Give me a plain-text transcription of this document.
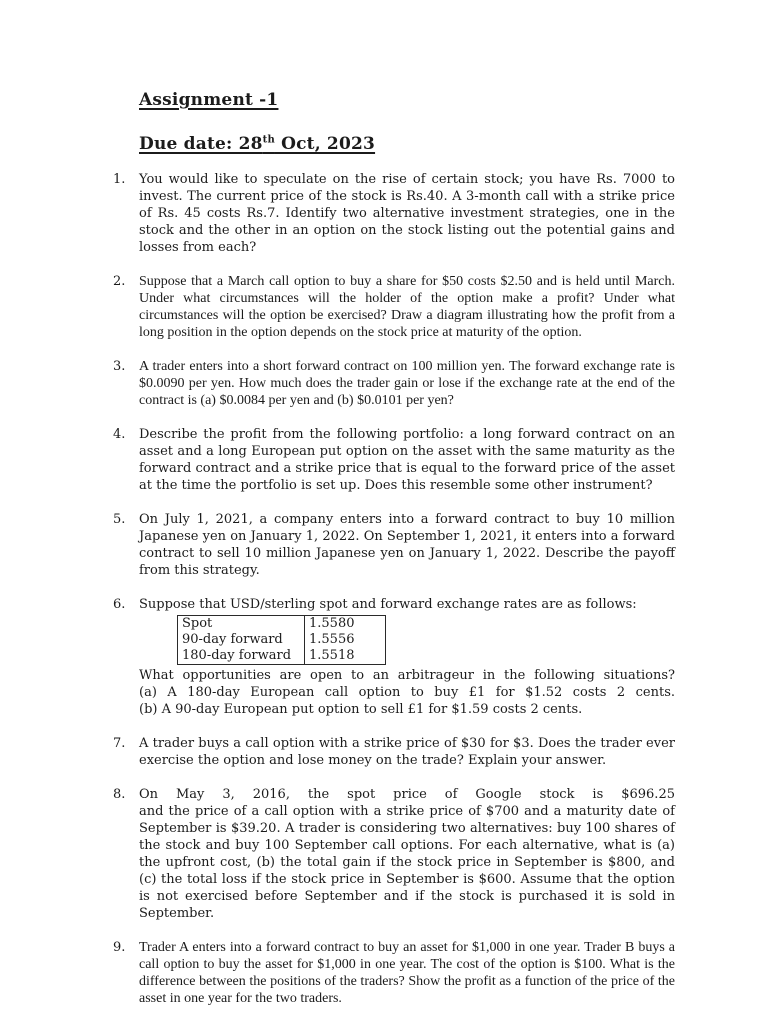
Assignment -1
Due date: 28th Oct, 2023
1.	You would like to speculate on the rise of certain stock; you have Rs. 7000 to invest. The current price of the stock is Rs.40. A 3-month call with a strike price of Rs. 45 costs Rs.7. Identify two alternative investment strategies, one in the stock and the other in an option on the stock listing out the potential gains and losses from each?
2. Suppose that a March call option to buy a share for $50 costs $2.50 and is held until March. Under what circumstances will the holder of the option make a profit? Under what circumstances will the option be exercised? Draw a diagram illustrating how the profit from a long position in the option depends on the stock price at maturity of the option.
3. A trader enters into a short forward contract on 100 million yen. The forward exchange rate is $0.0090 per yen. How much does the trader gain or lose if the exchange rate at the end of the contract is (a) $0.0084 per yen and (b) $0.0101 per yen?
4.	Describe the profit from the following portfolio: a long forward contract on an asset and a long European put option on the asset with the same maturity as the forward contract and a strike price that is equal to the forward price of the asset at the time the portfolio is set up. Does this resemble some other instrument?
5.	On July 1, 2021, a company enters into a forward contract to buy 10 million Japanese yen on January 1, 2022. On September 1, 2021, it enters into a forward contract to sell 10 million Japanese yen on January 1, 2022. Describe the payoff from this strategy.
6.	Suppose that USD/sterling spot and forward exchange rates are as follows:
Spot	1.5580
90-day forward	1.5556
180-day forward	1.5518
What opportunities are open to an arbitrageur in the following situations?
(a) A 180-day European call option to buy £1 for $1.52 costs 2 cents.
(b) A 90-day European put option to sell £1 for $1.59 costs 2 cents.
7.	A trader buys a call option with a strike price of $30 for $3. Does the trader ever exercise the option and lose money on the trade? Explain your answer.
8.	On May 3, 2016, the spot price of Google stock is $696.25
and the price of a call option with a strike price of $700 and a maturity date of September is $39.20. A trader is considering two alternatives: buy 100 shares of the stock and buy 100 September call options. For each alternative, what is (a) the upfront cost, (b) the total gain if the stock price in September is $800, and (c) the total loss if the stock price in September is $600. Assume that the option is not exercised before September and if the stock is purchased it is sold in September.
9. Trader A enters into a forward contract to buy an asset for $1,000 in one year. Trader B buys a call option to buy the asset for $1,000 in one year. The cost of the option is $100. What is the difference between the positions of the traders? Show the profit as a function of the price of the asset in one year for the two traders.
